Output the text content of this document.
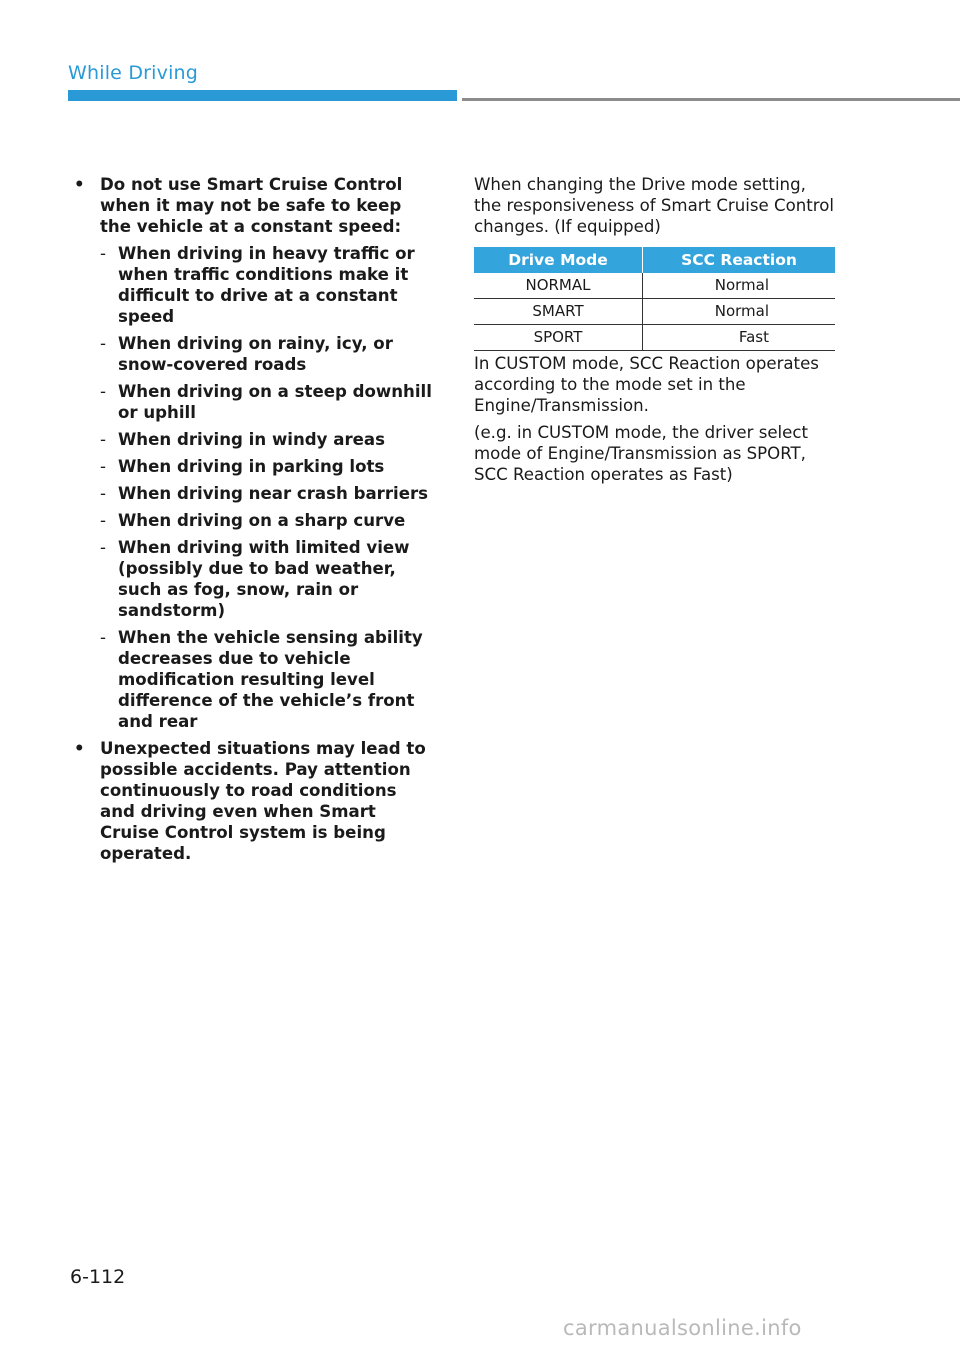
While Driving
• Do not use Smart Cruise Control when it may not be safe to keep the vehicle at a constant speed:
- When driving in heavy traffic or when traffic conditions make it difficult to drive at a constant speed
- When driving on rainy, icy, or snow-covered roads
- When driving on a steep downhill or uphill
- When driving in windy areas
- When driving in parking lots
- When driving near crash barriers
- When driving on a sharp curve
- When driving with limited view (possibly due to bad weather, such as fog, snow, rain or sandstorm)
- When the vehicle sensing ability decreases due to vehicle modification resulting level difference of the vehicle’s front and rear
• Unexpected situations may lead to possible accidents. Pay attention continuously to road conditions and driving even when Smart Cruise Control system is being operated.

When changing the Drive mode setting, the responsiveness of Smart Cruise Control changes. (If equipped)

Drive Mode	SCC Reaction
NORMAL	Normal
SMART	Normal
SPORT	Fast

In CUSTOM mode, SCC Reaction operates according to the mode set in the Engine/Transmission.

(e.g. in CUSTOM mode, the driver select mode of Engine/Transmission as SPORT, SCC Reaction operates as Fast)

6-112
carmanualsonline.info
